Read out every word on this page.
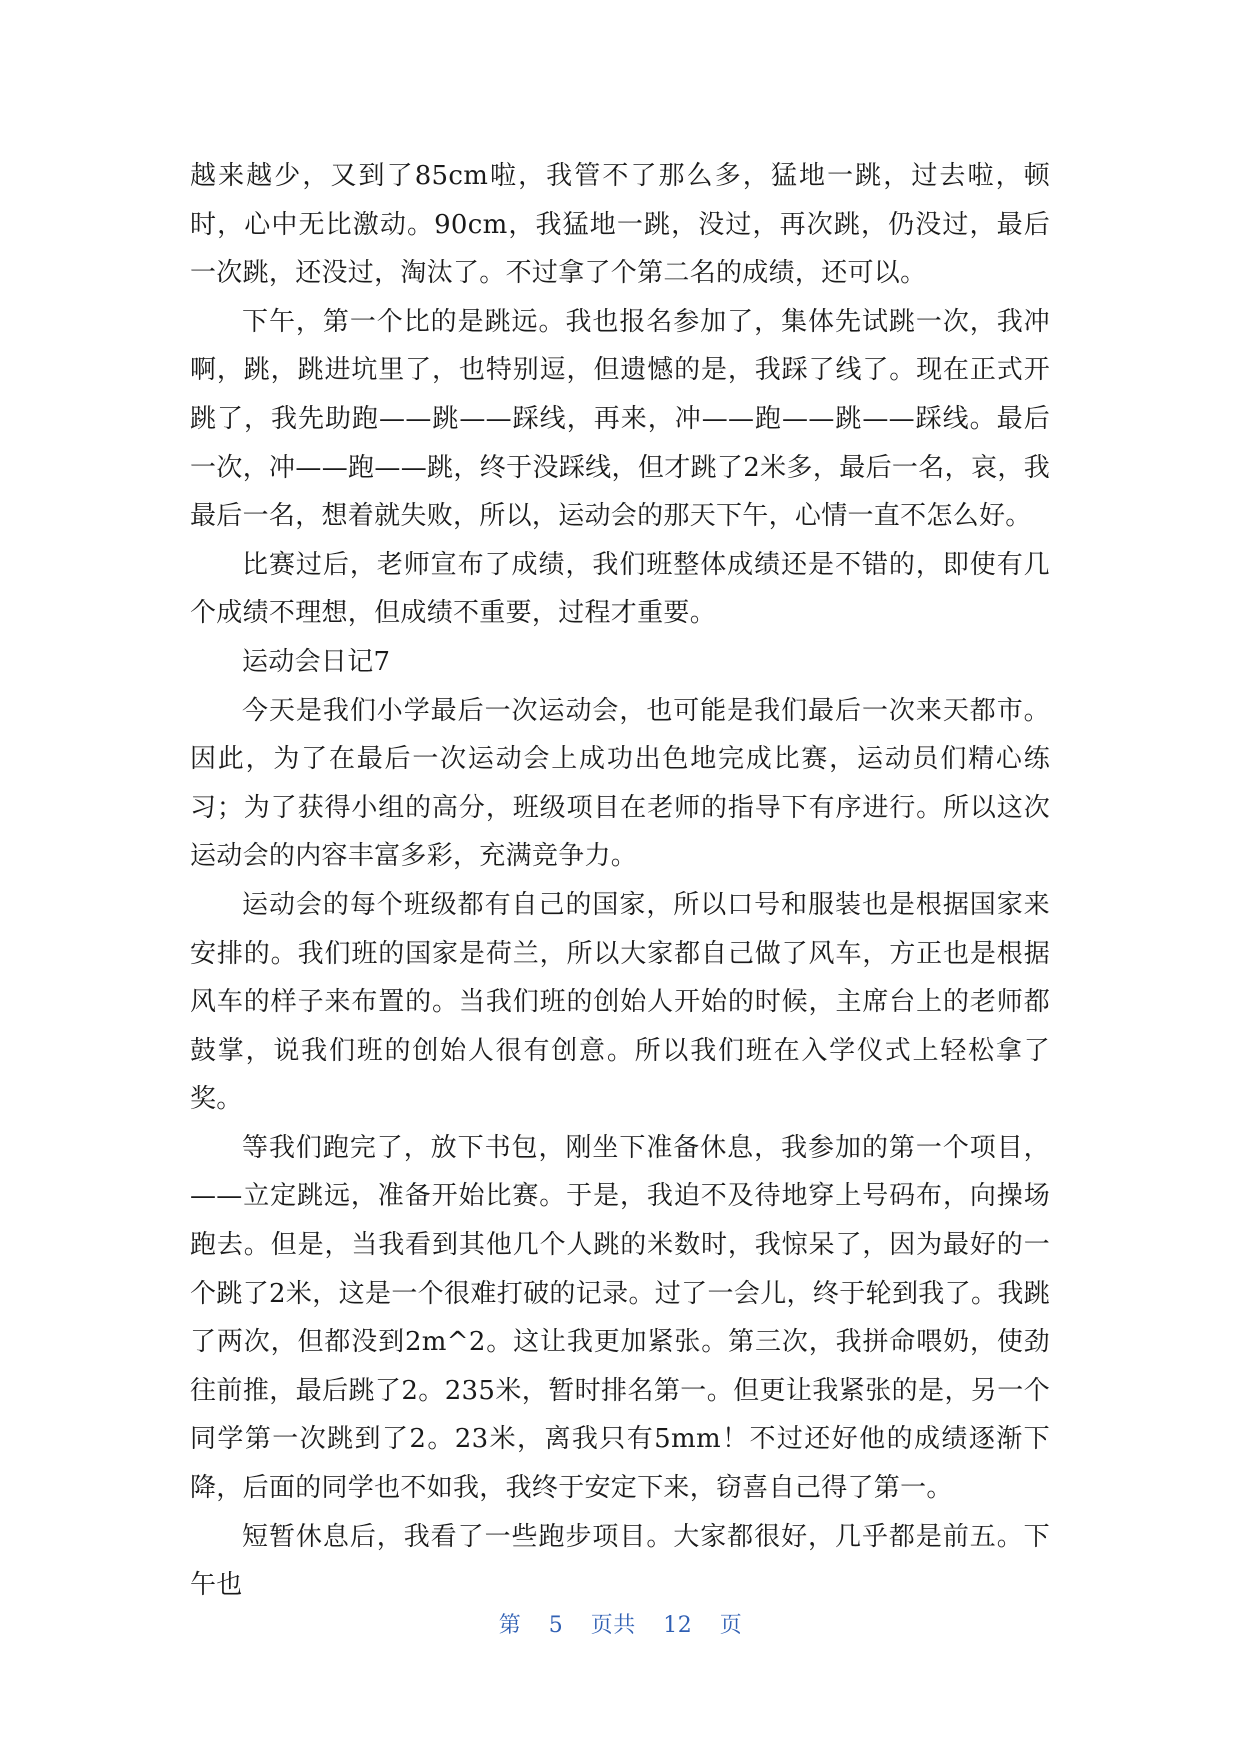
越来越少，又到了85cm啦，我管不了那么多，猛地一跳，过去啦，顿时，心中无比激动。90cm，我猛地一跳，没过，再次跳，仍没过，最后一次跳，还没过，淘汰了。不过拿了个第二名的成绩，还可以。

下午，第一个比的是跳远。我也报名参加了，集体先试跳一次，我冲啊，跳，跳进坑里了，也特别逗，但遗憾的是，我踩了线了。现在正式开跳了，我先助跑——跳——踩线，再来，冲——跑——跳——踩线。最后一次，冲——跑——跳，终于没踩线，但才跳了2米多，最后一名，哀，我最后一名，想着就失败，所以，运动会的那天下午，心情一直不怎么好。

比赛过后，老师宣布了成绩，我们班整体成绩还是不错的，即使有几个成绩不理想，但成绩不重要，过程才重要。

运动会日记7

今天是我们小学最后一次运动会，也可能是我们最后一次来天都市。因此，为了在最后一次运动会上成功出色地完成比赛，运动员们精心练习；为了获得小组的高分，班级项目在老师的指导下有序进行。所以这次运动会的内容丰富多彩，充满竞争力。

运动会的每个班级都有自己的国家，所以口号和服装也是根据国家来安排的。我们班的国家是荷兰，所以大家都自己做了风车，方正也是根据风车的样子来布置的。当我们班的创始人开始的时候，主席台上的老师都鼓掌，说我们班的创始人很有创意。所以我们班在入学仪式上轻松拿了奖。

等我们跑完了，放下书包，刚坐下准备休息，我参加的第一个项目，——立定跳远，准备开始比赛。于是，我迫不及待地穿上号码布，向操场跑去。但是，当我看到其他几个人跳的米数时，我惊呆了，因为最好的一个跳了2米，这是一个很难打破的记录。过了一会儿，终于轮到我了。我跳了两次，但都没到2m^2。这让我更加紧张。第三次，我拼命喂奶，使劲往前推，最后跳了2。235米，暂时排名第一。但更让我紧张的是，另一个同学第一次跳到了2。23米，离我只有5mm！不过还好他的成绩逐渐下降，后面的同学也不如我，我终于安定下来，窃喜自己得了第一。

短暂休息后，我看了一些跑步项目。大家都很好，几乎都是前五。下午也

第 5 页共 12 页
